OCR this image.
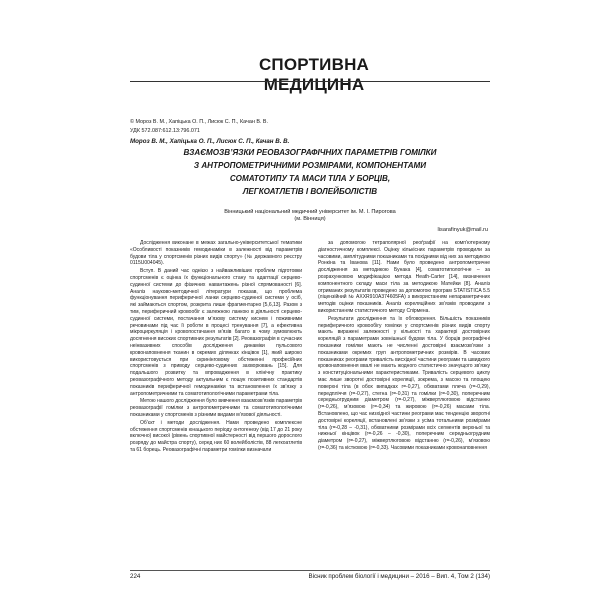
СПОРТИВНА МЕДИЦИНА
© Мороз В. М., Хапіцька О. П., Лисюк С. П., Качан В. В.
УДК 572.087:612.13:796.071
Мороз В. М., Хапіцька О. П., Лисюк С. П., Качан В. В.
ВЗАЄМОЗВ’ЯЗКИ РЕОВАЗОГРАФІЧНИХ ПАРАМЕТРІВ ГОМІЛКИ
З АНТРОПОМЕТРИЧНИМИ РОЗМІРАМИ, КОМПОНЕНТАМИ
СОМАТОТИПУ ТА МАСИ ТІЛА У БОРЦІВ,
ЛЕГКОАТЛЕТІВ І ВОЛЕЙБОЛІСТІВ
Вінницький національний медичний університет ім. М. І. Пирогова
(м. Вінниця)
lisarafinyuk@mail.ru

Дослідження виконане в межах загально-університетської тематики «Особливості показників гемодинаміки в залежності від параметрів будови тіла у спортсменів різних видів спорту» (№ державного реєстру 0115U004045).

Вступ. В даний час однією з найважливіших проблем підготовки спортсменів є оцінка їх функціонального стану та адаптації серцево-судинної системи до фізичних навантажень різної спрямованості [6]. Аналіз науково-методичної літератури показав, що проблема функціонування периферичної ланки серцево-судинної системи у осіб, які займаються спортом, розкрита лише фрагментарно [5,6,13]. Разом з тим, периферичний кровообіг є залежною ланкою в діяльності серцево-судинної системи, постачання м’язову систему киснем і поживними речовинами під час її роботи в процесі тренування [7], а ефективна мікроциркуляція і кровопостачання м’язів багато в чому зумовлюють досягнення високих спортивних результатів [2]. Реовазографія в сучасних неінвазивних способів дослідження динаміки пульсового кровонаповнення тканин в окремих ділянках кінцівок [1], який широко використовується при скринінговому обстеженні професійних спортсменів з приводу серцево-судинних захворювань [15]. Для подальшого розвитку та впровадження в клінічну практику реовазографічного методу актуальним є пошук позитивних стандартів показників периферичної гемодинаміки та встановлення їх зв’язку з антропометричними та соматотипологічними параметрами тіла.

Метою нашого дослідження було вивчення взаємозв’язків параметрів реовазографії гомілки з антропометричними та соматотипологічними показниками у спортсменів з різними видами м’язової діяльності.

Об’єкт і методи дослідження. Нами проведено комплексне обстеження спортсменів юнацького періоду онтогенезу (від 17 до 21 року включно) високої (рівень спортивної майстерності від першого дорослого розряду до майстра спорту), серед них 60 волейболістів, 88 легкоатлетів та 61 борець. Реовазографічні параметри гомілки визначали

за допомогою тетраполярної реоґрафії на комп’ютерному діагностичному комплексі. Оцінку кількісних параметрів проводили за часовими, амплітудними показниками та похідними від них за методикою Ронкіна та Іванова [11]. Нами було проведено антропометричне дослідження за методикою Бунака [4], соматотипологічне – за розрахунковою модифікацією метода Heath-Carter [14], визначення компонентного складу маси тіла за методикою Матейки [8]. Аналіз отриманих результатів проведено за допомогою програм STATISTICA 5.5 (ліцензійний № AXXR910A374605FA) з використанням непараметричних методів оцінки показників. Аналіз кореляційних зв’язків проводили з використанням статистичного методу Спірмена.

Результати дослідження та їх обговорення. Більшість показників периферичного кровообігу гомілки у спортсменів різних видів спорту мають виражені залежності у кількості та характері достовірних кореляцій з параметрами зовнішньої будови тіла. У борців реографічні показники гомілки мають не численні достовірні взаємозв’язки з показниками окремих груп антропометричних розмірів. В часових показниках реограми тривалість висхідної частини реограми та швидкого кровонаповнення ввалі не мають жодного статистично значущого зв’язку з конституціональними характеристиками. Тривалість серцевого циклу має лише зворотні достовірні кореляції, зокрема, з масою та площею поверхні тіла (в обох випадках r=-0,27), обхватами плеча (r=-0,29), передпліччя (r=-0,27), стегна (r=-0,31) та гомілки (r=-0,30), поперечним середньогрудним діаметром (r=-0,27), міжвертлюговою відстанню (r=-0,26), м’язовою (r=-0,34) та жировою (r=-0,26) масами тіла. Встановлено, що час низхідної частини реограми має тенденцію зворотні достовірні кореляції, встановлені зв’язки з усіма тотальними розмірами тіла (r=-0,28 – -0,31), обхватними розмірами всіх сегментів верхньої та нижньої кінцівок (r=-0,26 – -0,30), поперечним середньогрудним діаметром (r=-0,27), міжвертлюговою відстанню (r=-0,26), м’язовою (r=-0,36) та кістковою (r=-0,33). Часовими показниками кровонаповнення

224	Вісник проблем біології і медицини – 2016 – Вип. 4, Том 2 (134)
